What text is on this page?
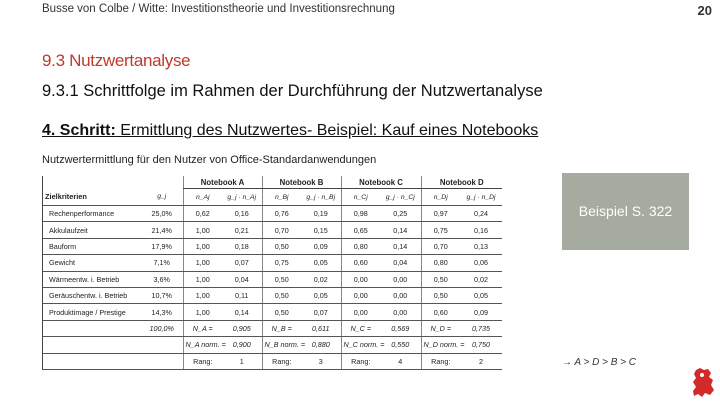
Busse von Colbe / Witte: Investitionstheorie und Investitionsrechnung	20
9.3 Nutzwertanalyse
9.3.1 Schrittfolge im Rahmen der Durchführung der Nutzwertanalyse
4. Schritt: Ermittlung des Nutzwertes- Beispiel: Kauf eines Notebooks
Nutzwertermittlung für den Nutzer von Office-Standardanwendungen
		Notebook A		Notebook B		Notebook C		Notebook D	
Zielkriterien	g_j	n_Aj	g_j · n_Aj	n_Bj	g_j · n_Bj	n_Cj	g_j · n_Cj	n_Dj	g_j · n_Dj
Rechenperformance	25,0%	0,62	0,16	0,76	0,19	0,98	0,25	0,97	0,24
Akkulaufzeit	21,4%	1,00	0,21	0,70	0,15	0,65	0,14	0,75	0,16
Bauform	17,9%	1,00	0,18	0,50	0,09	0,80	0,14	0,70	0,13
Gewicht	7,1%	1,00	0,07	0,75	0,05	0,60	0,04	0,80	0,06
Wärmeentw. i. Betrieb	3,6%	1,00	0,04	0,50	0,02	0,00	0,00	0,50	0,02
Geräuschentw. i. Betrieb	10,7%	1,00	0,11	0,50	0,05	0,00	0,00	0,50	0,05
Produktimage / Prestige	14,3%	1,00	0,14	0,50	0,07	0,00	0,00	0,60	0,09
	100,0%	N_A =	0,905	N_B =	0,611	N_C =	0,569	N_D =	0,735
		N_A norm. =	0,900	N_B norm. =	0,880	N_C norm. =	0,550	N_D norm. =	0,750
		Rang:	1	Rang:	3	Rang:	4	Rang:	2
Beispiel S. 322
→ A > D > B > C
